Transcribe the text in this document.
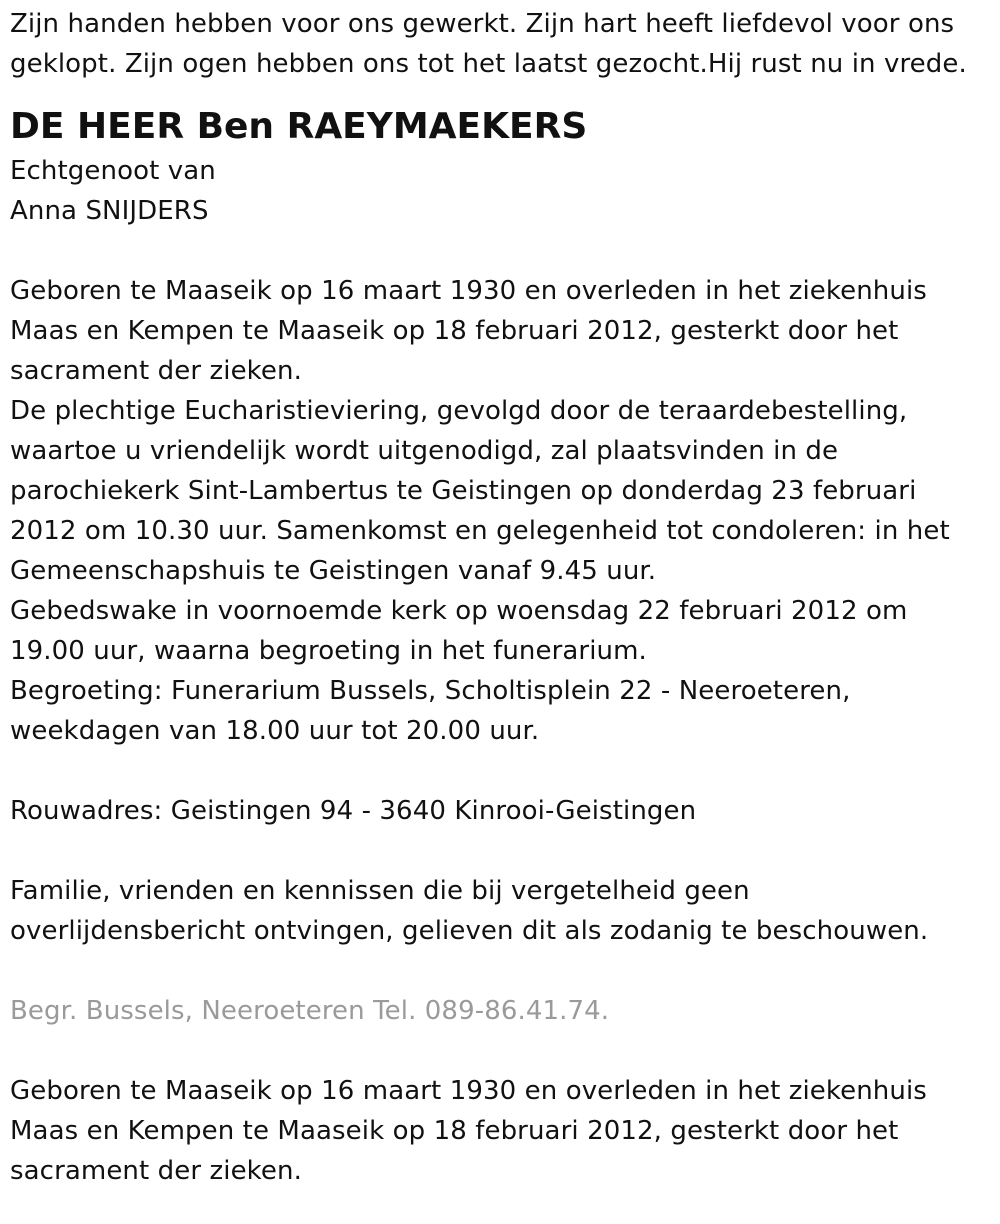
Zijn handen hebben voor ons gewerkt. Zijn hart heeft liefdevol voor ons
geklopt. Zijn ogen hebben ons tot het laatst gezocht.Hij rust nu in vrede.
DE HEER Ben RAEYMAEKERS
Echtgenoot van
Anna SNIJDERS
Geboren te Maaseik op 16 maart 1930 en overleden in het ziekenhuis
Maas en Kempen te Maaseik op 18 februari 2012, gesterkt door het
sacrament der zieken.
De plechtige Eucharistieviering, gevolgd door de teraardebestelling,
waartoe u vriendelijk wordt uitgenodigd, zal plaatsvinden in de
parochiekerk Sint-Lambertus te Geistingen op donderdag 23 februari
2012 om 10.30 uur. Samenkomst en gelegenheid tot condoleren: in het
Gemeenschapshuis te Geistingen vanaf 9.45 uur.
Gebedswake in voornoemde kerk op woensdag 22 februari 2012 om
19.00 uur, waarna begroeting in het funerarium.
Begroeting: Funerarium Bussels, Scholtisplein 22 - Neeroeteren,
weekdagen van 18.00 uur tot 20.00 uur.
Rouwadres: Geistingen 94 - 3640 Kinrooi-Geistingen
Familie, vrienden en kennissen die bij vergetelheid geen
overlijdensbericht ontvingen, gelieven dit als zodanig te beschouwen.
Begr. Bussels, Neeroeteren Tel. 089-86.41.74.
Geboren te Maaseik op 16 maart 1930 en overleden in het ziekenhuis
Maas en Kempen te Maaseik op 18 februari 2012, gesterkt door het
sacrament der zieken.
